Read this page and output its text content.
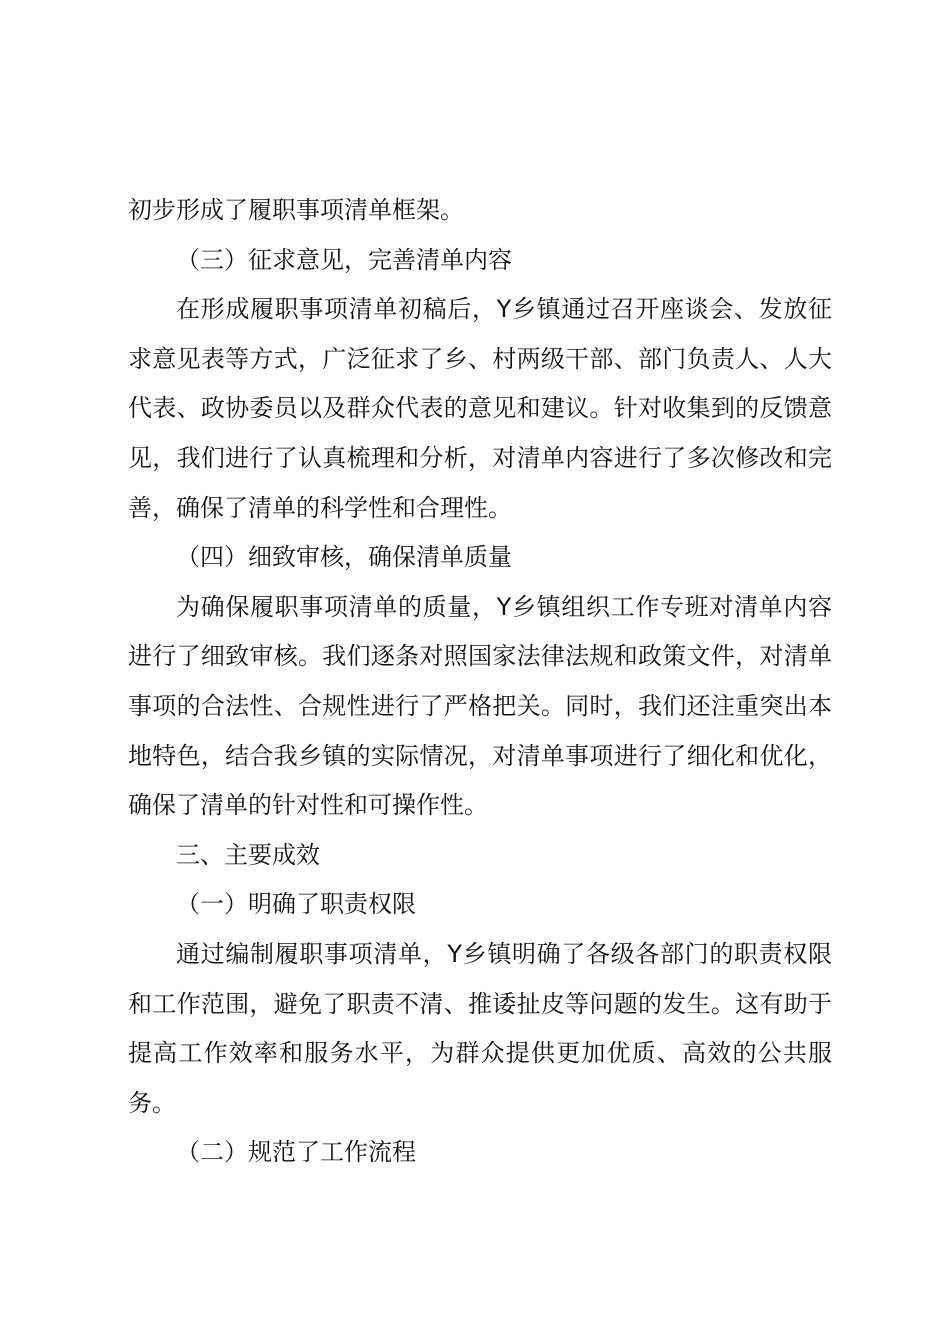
初步形成了履职事项清单框架。

（三）征求意见，完善清单内容

在形成履职事项清单初稿后，Y乡镇通过召开座谈会、发放征求意见表等方式，广泛征求了乡、村两级干部、部门负责人、人大代表、政协委员以及群众代表的意见和建议。针对收集到的反馈意见，我们进行了认真梳理和分析，对清单内容进行了多次修改和完善，确保了清单的科学性和合理性。

（四）细致审核，确保清单质量

为确保履职事项清单的质量，Y乡镇组织工作专班对清单内容进行了细致审核。我们逐条对照国家法律法规和政策文件，对清单事项的合法性、合规性进行了严格把关。同时，我们还注重突出本地特色，结合我乡镇的实际情况，对清单事项进行了细化和优化，确保了清单的针对性和可操作性。

三、主要成效

（一）明确了职责权限

通过编制履职事项清单，Y乡镇明确了各级各部门的职责权限和工作范围，避免了职责不清、推诿扯皮等问题的发生。这有助于提高工作效率和服务水平，为群众提供更加优质、高效的公共服务。

（二）规范了工作流程
